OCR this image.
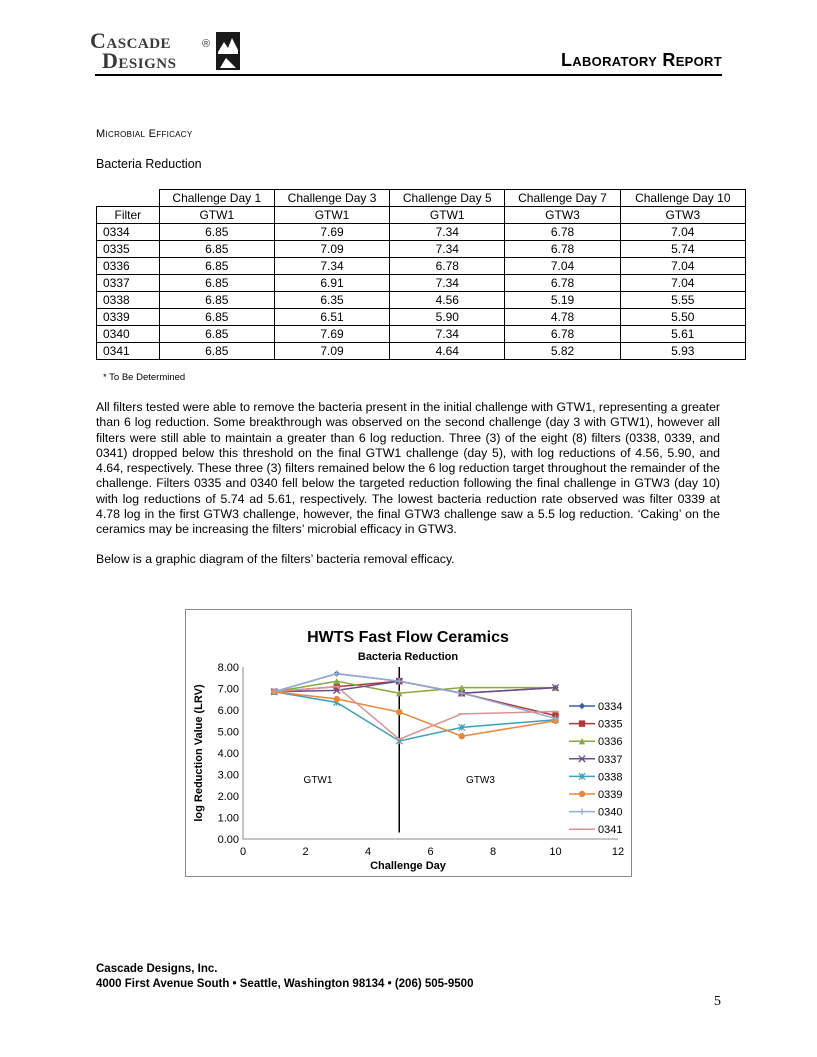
Cascade
Designs
®
Laboratory Report
Microbial Efficacy
Bacteria Reduction
	Challenge Day 1	Challenge Day 3	Challenge Day 5	Challenge Day 7	Challenge Day 10
Filter	GTW1	GTW1	GTW1	GTW3	GTW3
0334	6.85	7.69	7.34	6.78	7.04
0335	6.85	7.09	7.34	6.78	5.74
0336	6.85	7.34	6.78	7.04	7.04
0337	6.85	6.91	7.34	6.78	7.04
0338	6.85	6.35	4.56	5.19	5.55
0339	6.85	6.51	5.90	4.78	5.50
0340	6.85	7.69	7.34	6.78	5.61
0341	6.85	7.09	4.64	5.82	5.93
* To Be Determined
All filters tested were able to remove the bacteria present in the initial challenge with GTW1, representing a greater than 6 log reduction. Some breakthrough was observed on the second challenge (day 3 with GTW1), however all filters were still able to maintain a greater than 6 log reduction. Three (3) of the eight (8) filters (0338, 0339, and 0341) dropped below this threshold on the final GTW1 challenge (day 5), with log reductions of 4.56, 5.90, and 4.64, respectively. These three (3) filters remained below the 6 log reduction target throughout the remainder of the challenge. Filters 0335 and 0340 fell below the targeted reduction following the final challenge in GTW3 (day 10) with log reductions of 5.74 ad 5.61, respectively. The lowest bacteria reduction rate observed was filter 0339 at 4.78 log in the first GTW3 challenge, however, the final GTW3 challenge saw a 5.5 log reduction. ‘Caking’ on the ceramics may be increasing the filters’ microbial efficacy in GTW3.
Below is a graphic diagram of the filters’ bacteria removal efficacy.
HWTS Fast Flow Ceramics
Bacteria Reduction
0.00
1.00
2.00
3.00
4.00
5.00
6.00
7.00
8.00
0	2	4	6	8	10	12
Challenge Day
log Reduction Value (LRV)	GTW1	GTW3
0334
0335
0336
0337
0338
0339
0340
0341
Cascade Designs, Inc.
4000 First Avenue South • Seattle, Washington 98134 • (206) 505-9500
5
